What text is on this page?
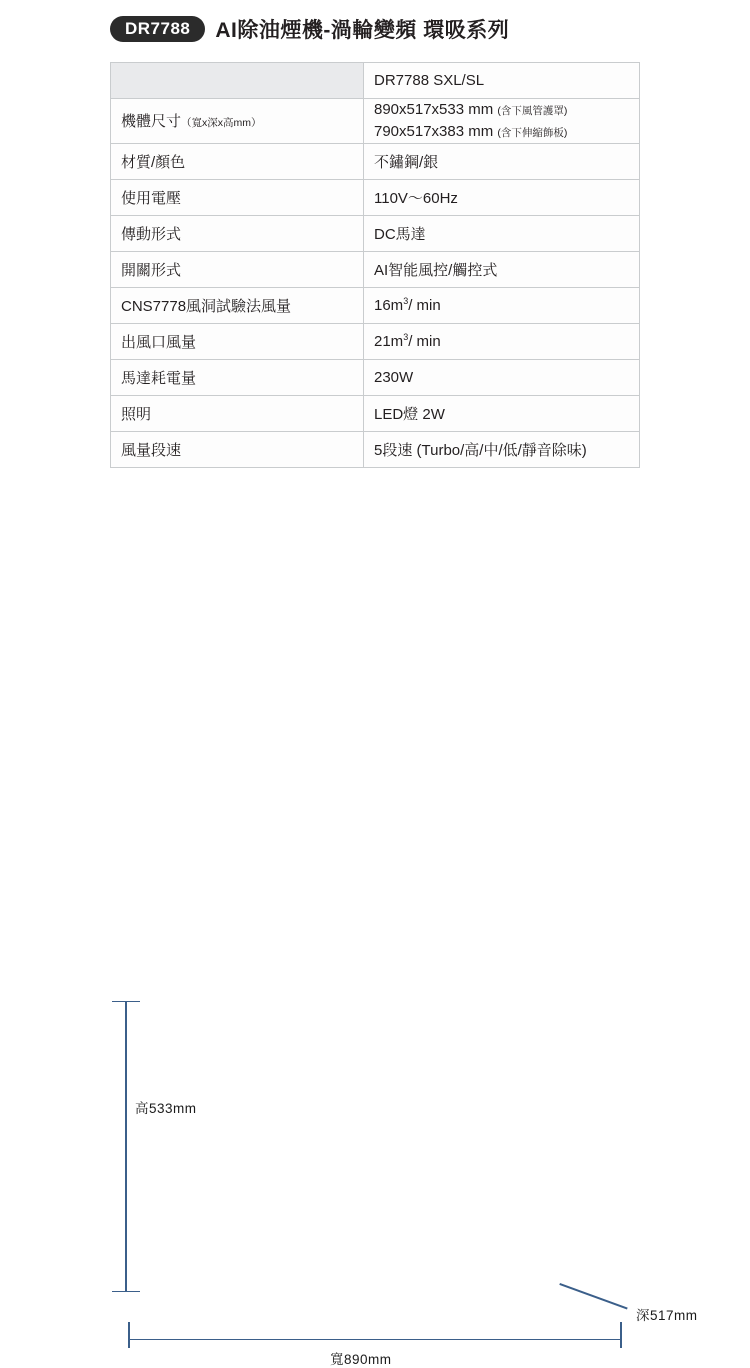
DR7788	AI除油煙機-渦輪變頻 環吸系列
	DR7788 SXL/SL
機體尺寸（寬x深x高mm）	890x517x533 mm (含下風管護罩)
790x517x383 mm (含下伸縮飾板)

材質/顏色	不鏽鋼/銀
使用電壓	110V～60Hz
傳動形式	DC馬達
開關形式	AI智能風控/觸控式
CNS7778風洞試驗法風量	$16m^3/$ min
出風口風量	$21m^3/$ min
馬達耗電量	230W
照明	LED燈 2W
風量段速	5段速 (Turbo/高/中/低/靜音除味)
高533mm
深517mm
寬890mm
